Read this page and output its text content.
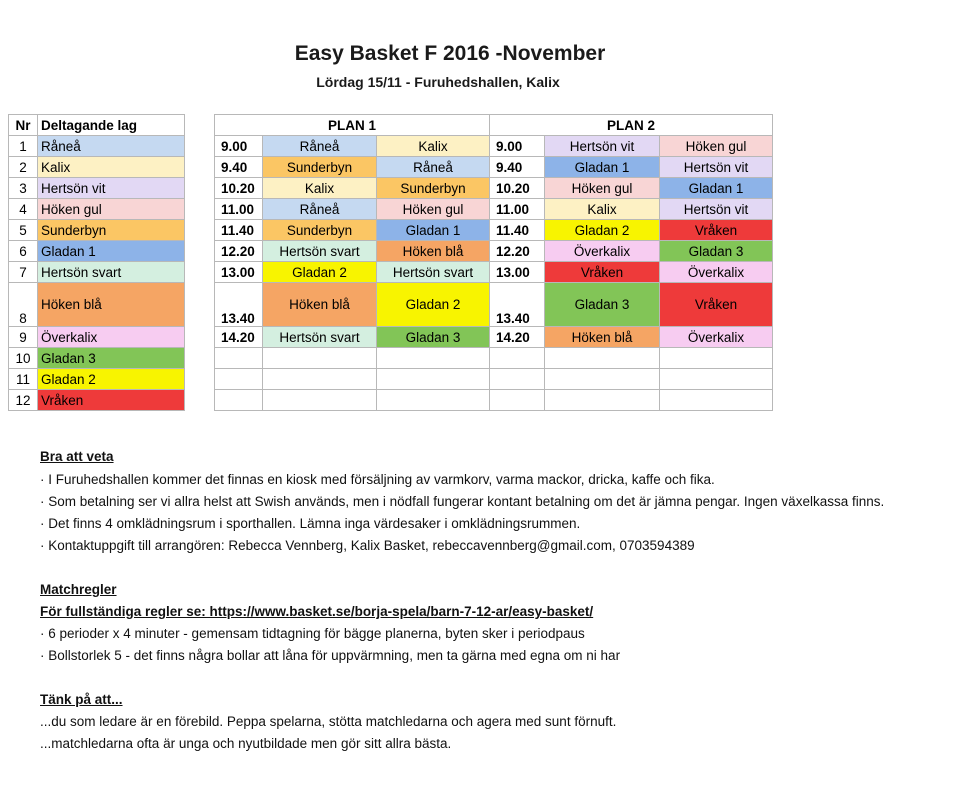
Easy Basket F 2016 -November
Lördag 15/11 - Furuhedshallen, Kalix
Nr	Deltagande lag
1	Råneå
2	Kalix
3	Hertsön vit
4	Höken gul
5	Sunderbyn
6	Gladan 1
7	Hertsön svart
8	Höken blå
9	Överkalix
10	Gladan 3
11	Gladan 2
12	Vråken
PLAN 1			PLAN 2		
9.00	Råneå	Kalix	9.00	Hertsön vit	Höken gul
9.40	Sunderbyn	Råneå	9.40	Gladan 1	Hertsön vit
10.20	Kalix	Sunderbyn	10.20	Höken gul	Gladan 1
11.00	Råneå	Höken gul	11.00	Kalix	Hertsön vit
11.40	Sunderbyn	Gladan 1	11.40	Gladan 2	Vråken
12.20	Hertsön svart	Höken blå	12.20	Överkalix	Gladan 3
13.00	Gladan 2	Hertsön svart	13.00	Vråken	Överkalix
13.40	Höken blå	Gladan 2	13.40	Gladan 3	Vråken
14.20	Hertsön svart	Gladan 3	14.20	Höken blå	Överkalix

Bra att veta
· I Furuhedshallen kommer det finnas en kiosk med försäljning av varmkorv, varma mackor, dricka, kaffe och fika.
· Som betalning ser vi allra helst att Swish används, men i nödfall fungerar kontant betalning om det är jämna pengar. Ingen växelkassa finns.
· Det finns 4 omklädningsrum i sporthallen. Lämna inga värdesaker i omklädningsrummen.
· Kontaktuppgift till arrangören: Rebecca Vennberg, Kalix Basket, rebeccavennberg@gmail.com, 0703594389
Matchregler
För fullständiga regler se: https://www.basket.se/borja-spela/barn-7-12-ar/easy-basket/
· 6 perioder x 4 minuter - gemensam tidtagning för bägge planerna, byten sker i periodpaus
· Bollstorlek 5 - det finns några bollar att låna för uppvärmning, men ta gärna med egna om ni har
Tänk på att...
...du som ledare är en förebild. Peppa spelarna, stötta matchledarna och agera med sunt förnuft.
...matchledarna ofta är unga och nyutbildade men gör sitt allra bästa.
